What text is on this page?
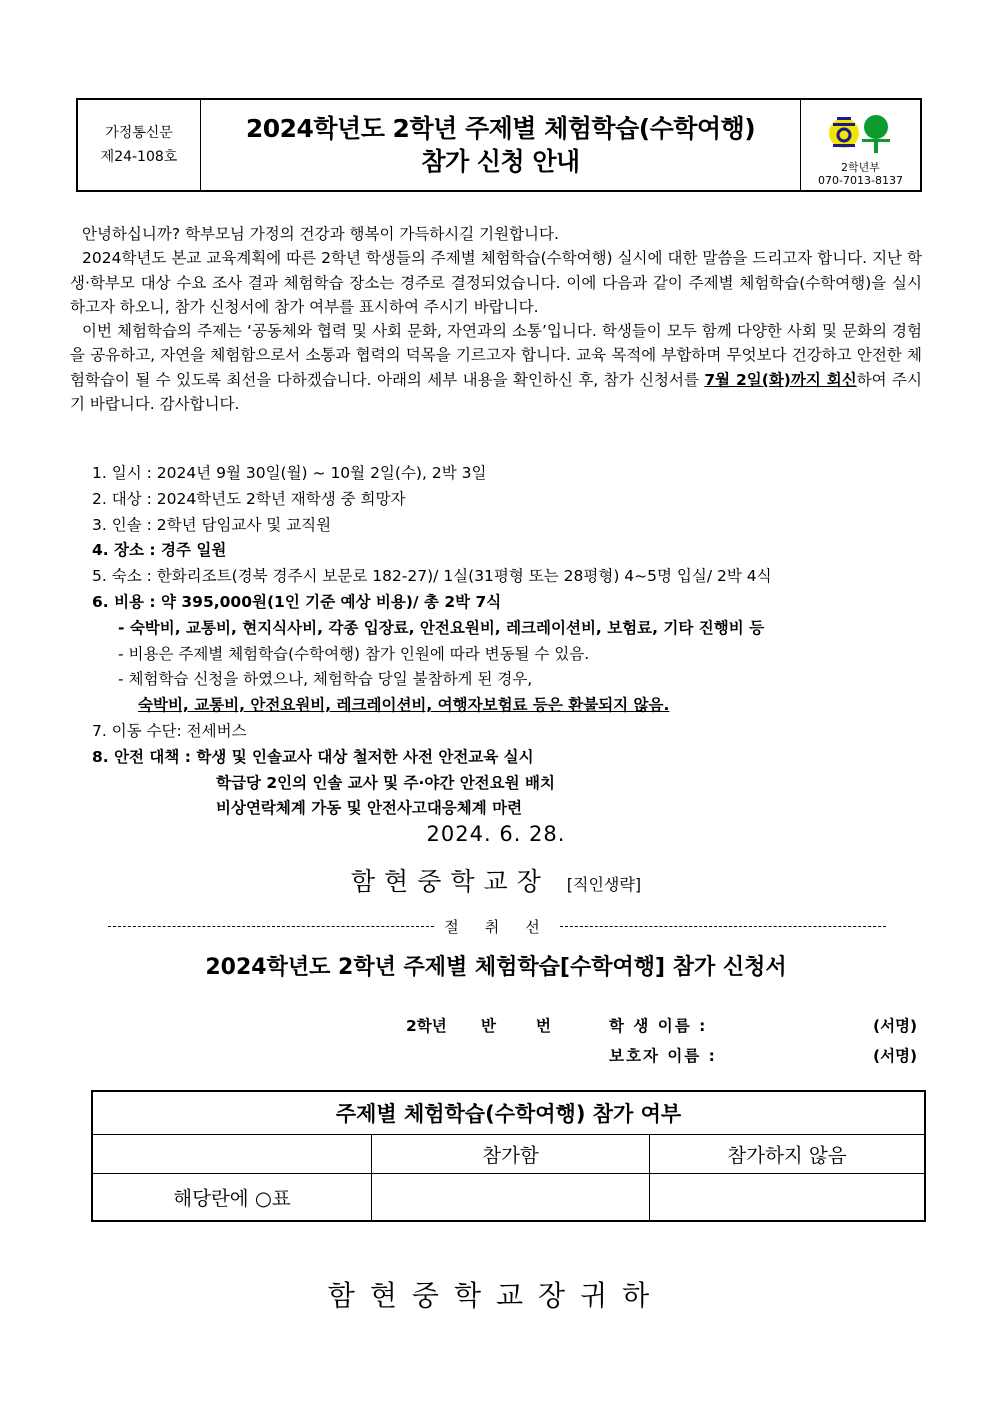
가정통신문
제24-108호
2024학년도 2학년 주제별 체험학습(수학여행)
참가 신청 안내	2학년부
070-7013-8137

안녕하십니까? 학부모님 가정의 건강과 행복이 가득하시길 기원합니다.

2024학년도 본교 교육계획에 따른 2학년 학생들의 주제별 체험학습(수학여행) 실시에 대한 말씀을 드리고자 합니다. 지난 학생·학부모 대상 수요 조사 결과 체험학습 장소는 경주로 결정되었습니다. 이에 다음과 같이 주제별 체험학습(수학여행)을 실시하고자 하오니, 참가 신청서에 참가 여부를 표시하여 주시기 바랍니다.

이번 체험학습의 주제는 ‘공동체와 협력 및 사회 문화, 자연과의 소통’입니다. 학생들이 모두 함께 다양한 사회 및 문화의 경험을 공유하고, 자연을 체험함으로서 소통과 협력의 덕목을 기르고자 합니다. 교육 목적에 부합하며 무엇보다 건강하고 안전한 체험학습이 될 수 있도록 최선을 다하겠습니다. 아래의 세부 내용을 확인하신 후, 참가 신청서를 7월 2일(화)까지 회신하여 주시기 바랍니다. 감사합니다.

1. 일시 : 2024년 9월 30일(월) ~ 10월 2일(수), 2박 3일
2. 대상 : 2024학년도 2학년 재학생 중 희망자
3. 인솔 : 2학년 담임교사 및 교직원
4. 장소 : 경주 일원
5. 숙소 : 한화리조트(경북 경주시 보문로 182-27)/ 1실(31평형 또는 28평형) 4~5명 입실/ 2박 4식
6. 비용 : 약 395,000원(1인 기준 예상 비용)/ 총 2박 7식
- 숙박비, 교통비, 현지식사비, 각종 입장료, 안전요원비, 레크레이션비, 보험료, 기타 진행비 등
- 비용은 주제별 체험학습(수학여행) 참가 인원에 따라 변동될 수 있음.
- 체험학습 신청을 하였으나, 체험학습 당일 불참하게 된 경우,
숙박비, 교통비, 안전요원비, 레크레이션비, 여행자보험료 등은 환불되지 않음.
7. 이동 수단: 전세버스
8. 안전 대책 : 학생 및 인솔교사 대상 철저한 사전 안전교육 실시
학급당 2인의 인솔 교사 및 주·야간 안전요원 배치
비상연락체계 가동 및 안전사고대응체계 마련
2024. 6. 28.
함현중학교장 [직인생략]
절취선
2024학년도 2학년 주제별 체험학습[수학여행] 참가 신청서
2학년 반	번	학 생 이름 :	(서명)
보호자 이름 :	(서명)
주제별 체험학습(수학여행) 참가 여부		
	참가함	참가하지 않음
해당란에 ○표		
함현중학교장귀하
